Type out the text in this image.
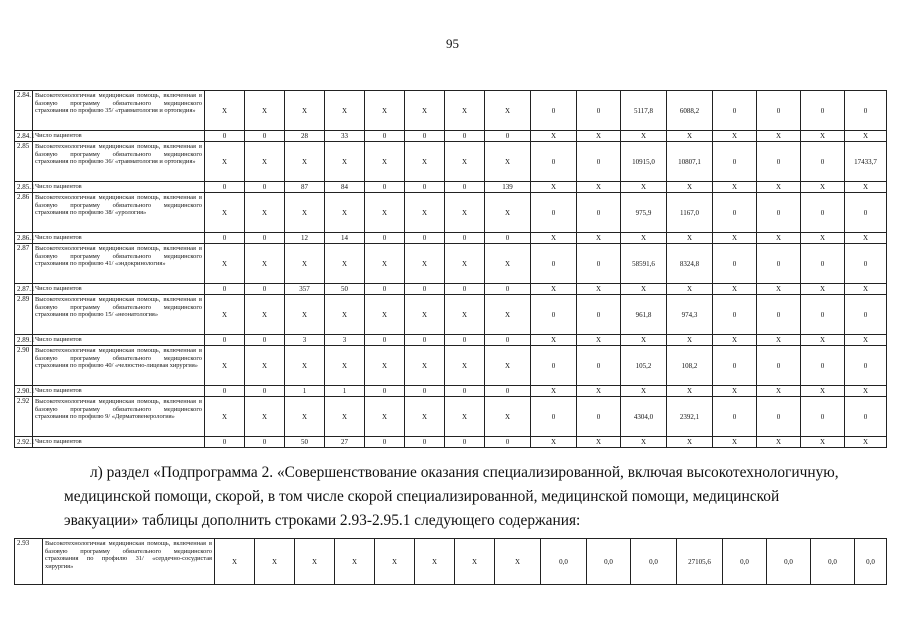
95
2.84.	Высокотехнологичная медицинская помощь, включенная в базовую программу обязательного медицинского страхования по профилю 35/ «травматология и ортопедия»	X	X	X	X	X	X	X	X	0	0	5117,8	6088,2	0	0	0	0
2.84.1	Число пациентов	0	0	28	33	0	0	0	0	X	X	X	X	X	X	X	X
2.85	Высокотехнологичная медицинская помощь, включенная в базовую программу обязательного медицинского страхования по профилю 36/ «травматология и ортопедия»	X	X	X	X	X	X	X	X	0	0	10915,0	10807,1	0	0	0	17433,7
2.85.1	Число пациентов	0	0	87	84	0	0	0	139	X	X	X	X	X	X	X	X
2.86	Высокотехнологичная медицинская помощь, включенная в базовую программу обязательного медицинского страхования по профилю 38/ «урология»	X	X	X	X	X	X	X	X	0	0	975,9	1167,0	0	0	0	0
2.86.1	Число пациентов	0	0	12	14	0	0	0	0	X	X	X	X	X	X	X	X
2.87	Высокотехнологичная медицинская помощь, включенная в базовую программу обязательного медицинского страхования по профилю 41/ «эндокринология»	X	X	X	X	X	X	X	X	0	0	58591,6	8324,8	0	0	0	0
2.87.1	Число пациентов	0	0	357	50	0	0	0	0	X	X	X	X	X	X	X	X
2.89	Высокотехнологичная медицинская помощь, включенная в базовую программу обязательного медицинского страхования по профилю 15/ «неонатология»	X	X	X	X	X	X	X	X	0	0	961,8	974,3	0	0	0	0
2.89.1	Число пациентов	0	0	3	3	0	0	0	0	X	X	X	X	X	X	X	X
2.90	Высокотехнологичная медицинская помощь, включенная в базовую программу обязательного медицинского страхования по профилю 40/ «челюстно-лицевая хирургия»	X	X	X	X	X	X	X	X	0	0	105,2	108,2	0	0	0	0
2.90.1	Число пациентов	0	0	1	1	0	0	0	0	X	X	X	X	X	X	X	X
2.92	Высокотехнологичная медицинская помощь, включенная в базовую программу обязательного медицинского страхования по профилю 9/ «Дерматовенерология»	X	X	X	X	X	X	X	X	0	0	4304,0	2392,1	0	0	0	0
2.92.1	Число пациентов	0	0	50	27	0	0	0	0	X	X	X	X	X	X	X	X
л) раздел «Подпрограмма 2. «Совершенствование оказания специализированной, включая высокотехнологичную,
медицинской помощи, скорой, в том числе скорой специализированной, медицинской помощи, медицинской
эвакуации» таблицы дополнить строками 2.93-2.95.1 следующего содержания:
2.93	Высокотехнологичная медицинская помощь, включенная в базовую программу обязательного медицинского страхования по профилю 31/ «сердечно-сосудистая хирургия»	X	X	X	X	X	X	X	X	0,0	0,0	0,0	27105,6	0,0	0,0	0,0	0,0
